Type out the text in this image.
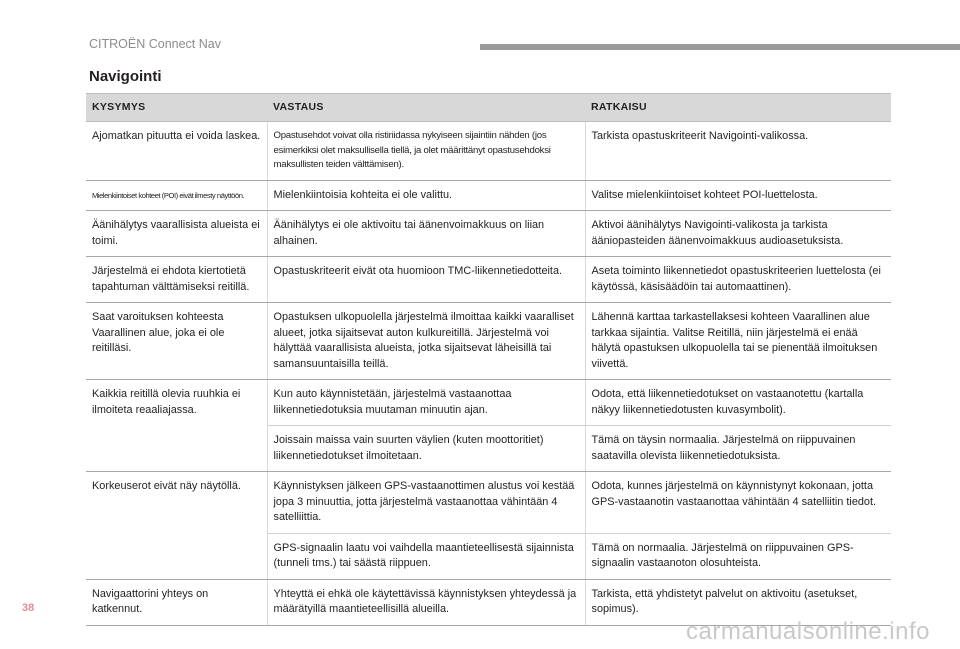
CITROËN Connect Nav
Navigointi
KYSYMYS	VASTAUS	RATKAISU
Ajomatkan pituutta ei voida laskea.	Opastusehdot voivat olla ristiriidassa nykyiseen sijaintiin nähden (jos esimerkiksi olet maksullisella tiellä, ja olet määrittänyt opastusehdoksi maksullisten teiden välttämisen).	Tarkista opastuskriteerit Navigointi-valikossa.
Mielenkiintoiset kohteet (POI) eivät ilmesty näyttöön.	Mielenkiintoisia kohteita ei ole valittu.	Valitse mielenkiintoiset kohteet POI-luettelosta.
Äänihälytys vaarallisista alueista ei toimi.	Äänihälytys ei ole aktivoitu tai äänenvoimakkuus on liian alhainen.	Aktivoi äänihälytys Navigointi-valikosta ja tarkista ääniopasteiden äänenvoimakkuus audioasetuksista.
Järjestelmä ei ehdota kiertotietä tapahtuman välttämiseksi reitillä.	Opastuskriteerit eivät ota huomioon TMC-liikennetiedotteita.	Aseta toiminto liikennetiedot opastuskriteerien luettelosta (ei käytössä, käsisäädöin tai automaattinen).
Saat varoituksen kohteesta Vaarallinen alue, joka ei ole reitilläsi.	Opastuksen ulkopuolella järjestelmä ilmoittaa kaikki vaaralliset alueet, jotka sijaitsevat auton kulkureitillä. Järjestelmä voi hälyttää vaarallisista alueista, jotka sijaitsevat läheisillä tai samansuuntaisilla teillä.	Lähennä karttaa tarkastellaksesi kohteen Vaarallinen alue tarkkaa sijaintia. Valitse Reitillä, niin järjestelmä ei enää hälytä opastuksen ulkopuolella tai se pienentää ilmoituksen viivettä.
Kaikkia reitillä olevia ruuhkia ei ilmoiteta reaaliajassa.	Kun auto käynnistetään, järjestelmä vastaanottaa liikennetiedotuksia muutaman minuutin ajan.	Odota, että liikennetiedotukset on vastaanotettu (kartalla näkyy liikennetiedotusten kuvasymbolit).
	Joissain maissa vain suurten väylien (kuten moottoritiet) liikennetiedotukset ilmoitetaan.	Tämä on täysin normaalia. Järjestelmä on riippuvainen saatavilla olevista liikennetiedotuksista.
Korkeuserot eivät näy näytöllä.	Käynnistyksen jälkeen GPS-vastaanottimen alustus voi kestää jopa 3 minuuttia, jotta järjestelmä vastaanottaa vähintään 4 satelliittia.	Odota, kunnes järjestelmä on käynnistynyt kokonaan, jotta GPS-vastaanotin vastaanottaa vähintään 4 satelliitin tiedot.
	GPS-signaalin laatu voi vaihdella maantieteellisestä sijainnista (tunneli tms.) tai säästä riippuen.	Tämä on normaalia. Järjestelmä on riippuvainen GPS-signaalin vastaanoton olosuhteista.
Navigaattorini yhteys on katkennut.	Yhteyttä ei ehkä ole käytettävissä käynnistyksen yhteydessä ja määrätyillä maantieteellisillä alueilla.	Tarkista, että yhdistetyt palvelut on aktivoitu (asetukset, sopimus).
38
carmanualsonline.info
